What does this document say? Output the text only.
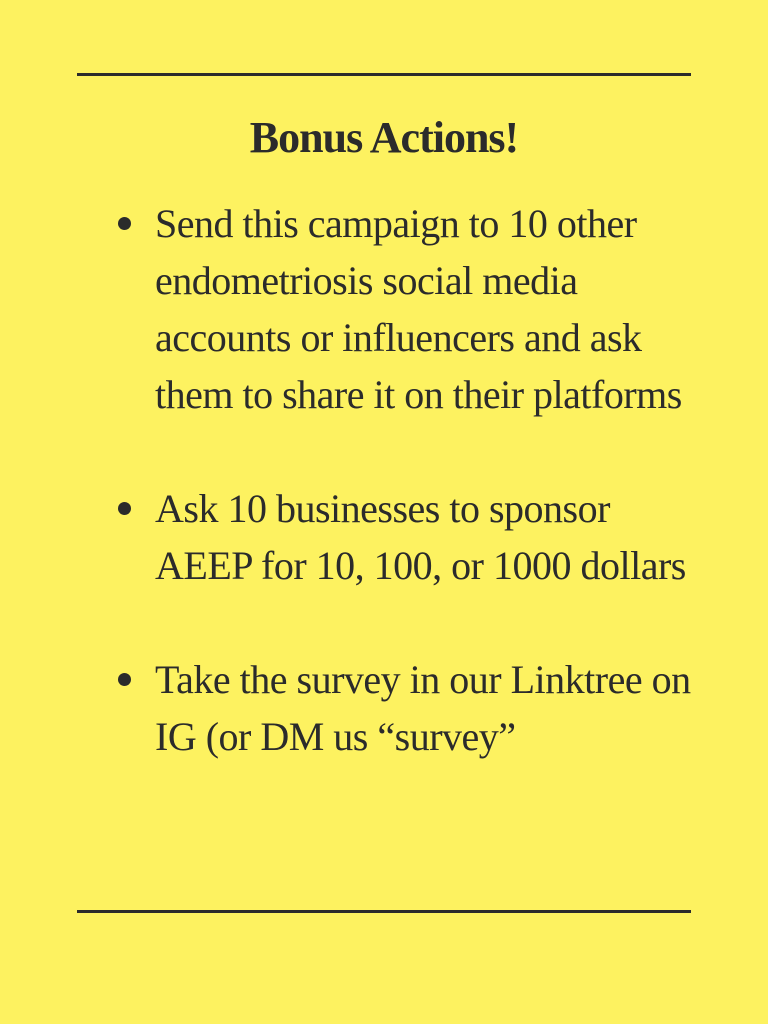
Bonus Actions!
Send this campaign to 10 other endometriosis social media accounts or influencers and ask them to share it on their platforms
Ask 10 businesses to sponsor AEEP for 10, 100, or 1000 dollars
Take the survey in our Linktree on IG (or DM us “survey”
